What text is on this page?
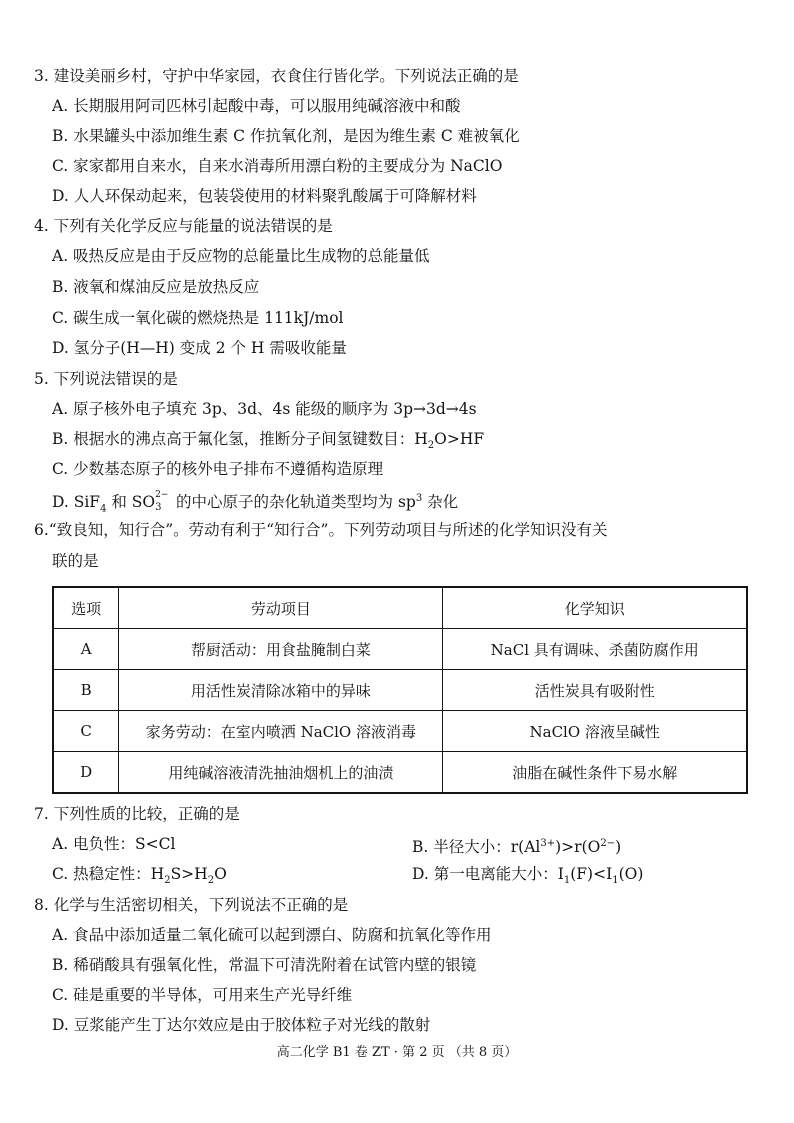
3. 建设美丽乡村，守护中华家园，衣食住行皆化学。下列说法正确的是
A. 长期服用阿司匹林引起酸中毒，可以服用纯碱溶液中和酸
B. 水果罐头中添加维生素 C 作抗氧化剂，是因为维生素 C 难被氧化
C. 家家都用自来水，自来水消毒所用漂白粉的主要成分为 NaClO
D. 人人环保动起来，包装袋使用的材料聚乳酸属于可降解材料
4. 下列有关化学反应与能量的说法错误的是
A. 吸热反应是由于反应物的总能量比生成物的总能量低
B. 液氧和煤油反应是放热反应
C. 碳生成一氧化碳的燃烧热是 111kJ/mol
D. 氢分子(H—H) 变成 2 个 H 需吸收能量
5. 下列说法错误的是
A. 原子核外电子填充 3p、3d、4s 能级的顺序为 3p→3d→4s
B. 根据水的沸点高于氟化氢，推断分子间氢键数目：$H_2O>HF$
C. 少数基态原子的核外电子排布不遵循构造原理
D. SiF$_4$ 和 SO 2−
3 的中心原子的杂化轨道类型均为 $sp^3$ 杂化
6.“致良知，知行合”。劳动有利于“知行合”。下列劳动项目与所述的化学知识没有关
联的是
选项	劳动项目	化学知识
A	帮厨活动：用食盐腌制白菜	NaCl 具有调味、杀菌防腐作用
B	用活性炭清除冰箱中的异味	活性炭具有吸附性
C	家务劳动：在室内喷洒 NaClO 溶液消毒	NaClO 溶液呈碱性
D	用纯碱溶液清洗抽油烟机上的油渍	油脂在碱性条件下易水解
7. 下列性质的比较，正确的是
A. 电负性：S<Cl	B. 半径大小：$r(Al^{3+})>r(O^{2-})$
C. 热稳定性：$H_2S>H_2O$	D. 第一电离能大小：$I_1(F)<I_1(O)$
8. 化学与生活密切相关，下列说法不正确的是
A. 食品中添加适量二氧化硫可以起到漂白、防腐和抗氧化等作用
B. 稀硝酸具有强氧化性，常温下可清洗附着在试管内壁的银镜
C. 硅是重要的半导体，可用来生产光导纤维
D. 豆浆能产生丁达尔效应是由于胶体粒子对光线的散射
高二化学 B1 卷 ZT · 第 2 页 （共 8 页）
